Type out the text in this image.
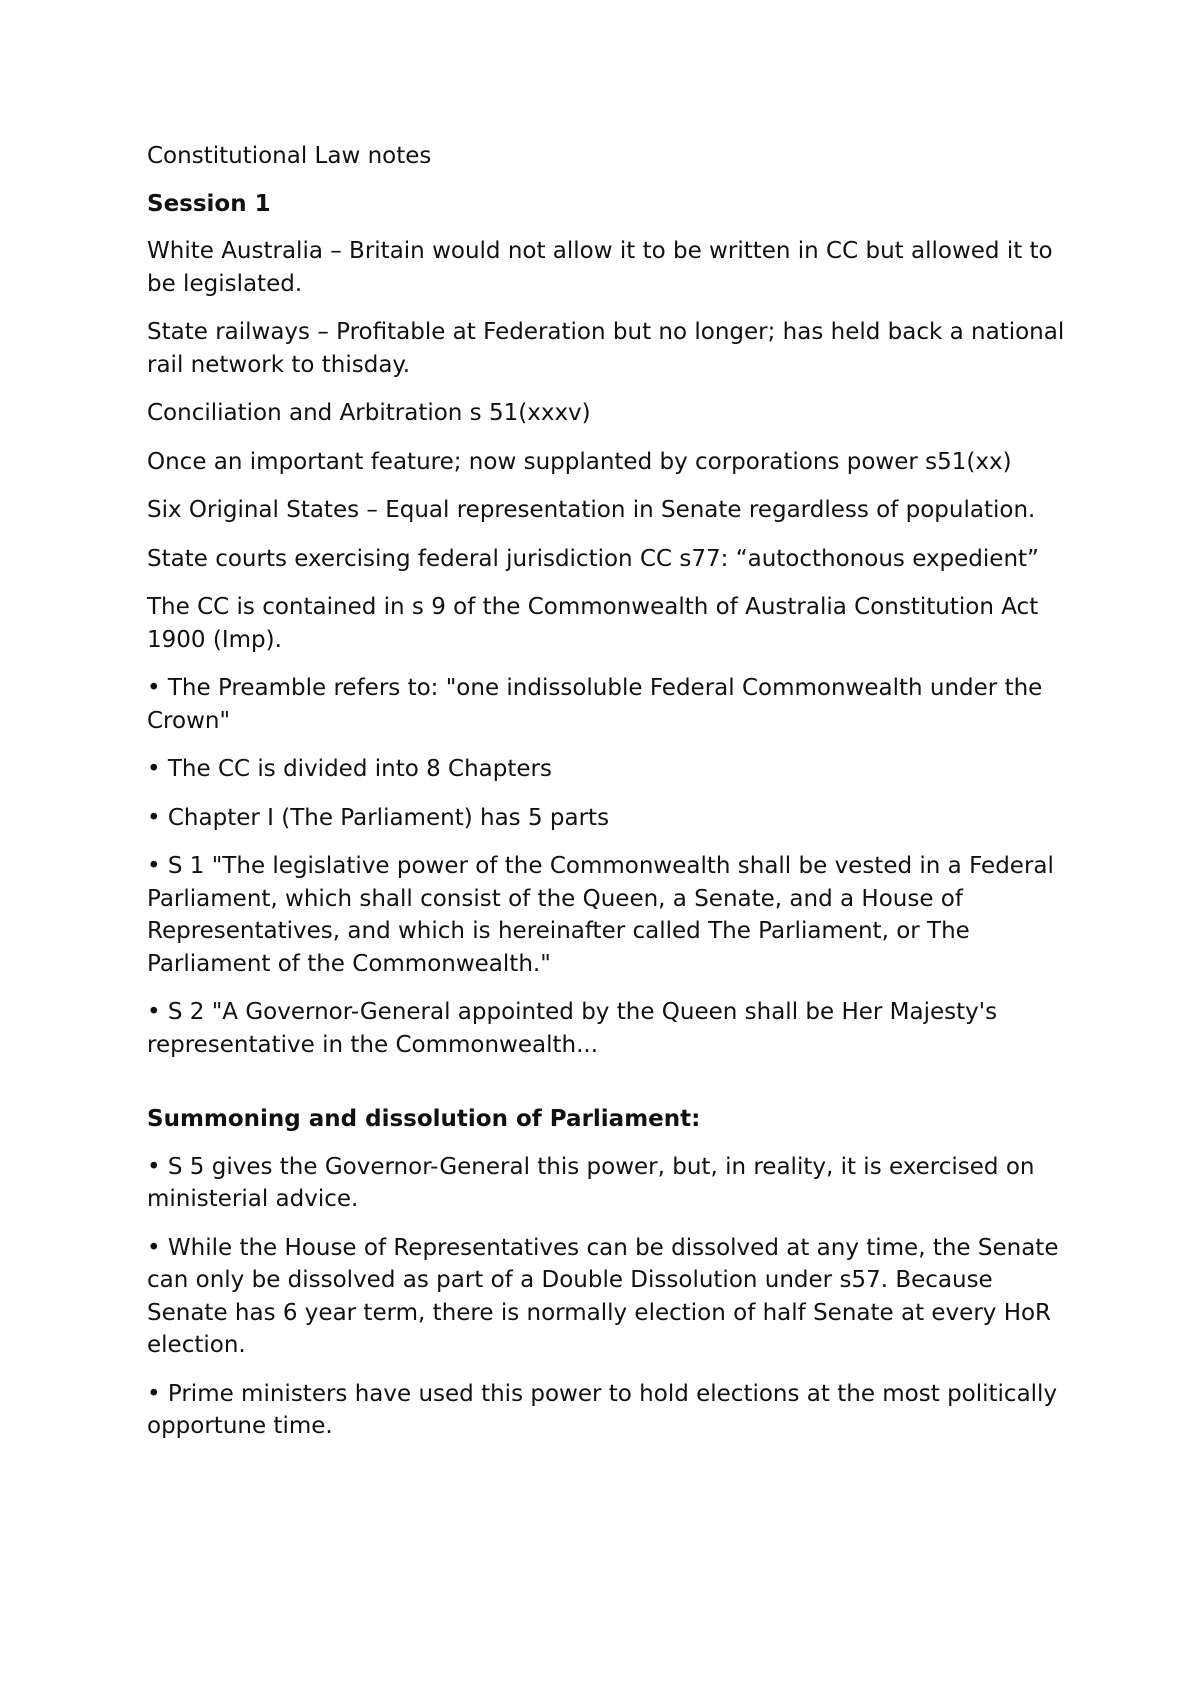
Constitutional Law notes

Session 1

White Australia – Britain would not allow it to be written in CC but allowed it to be legislated.

State railways – Profitable at Federation but no longer; has held back a national rail network to thisday.

Conciliation and Arbitration s 51(xxxv)

Once an important feature; now supplanted by corporations power s51(xx)

Six Original States – Equal representation in Senate regardless of population.

State courts exercising federal jurisdiction CC s77: “autocthonous expedient”

The CC is contained in s 9 of the Commonwealth of Australia Constitution Act 1900 (Imp).

• The Preamble refers to: "one indissoluble Federal Commonwealth under the Crown"

• The CC is divided into 8 Chapters

• Chapter I (The Parliament) has 5 parts

• S 1 "The legislative power of the Commonwealth shall be vested in a Federal Parliament, which shall consist of the Queen, a Senate, and a House of Representatives, and which is hereinafter called The Parliament, or The Parliament of the Commonwealth."

• S 2 "A Governor-General appointed by the Queen shall be Her Majesty's representative in the Commonwealth...

Summoning and dissolution of Parliament:

• S 5 gives the Governor-General this power, but, in reality, it is exercised on ministerial advice.

• While the House of Representatives can be dissolved at any time, the Senate can only be dissolved as part of a Double Dissolution under s57. Because Senate has 6 year term, there is normally election of half Senate at every HoR election.

• Prime ministers have used this power to hold elections at the most politically opportune time.
